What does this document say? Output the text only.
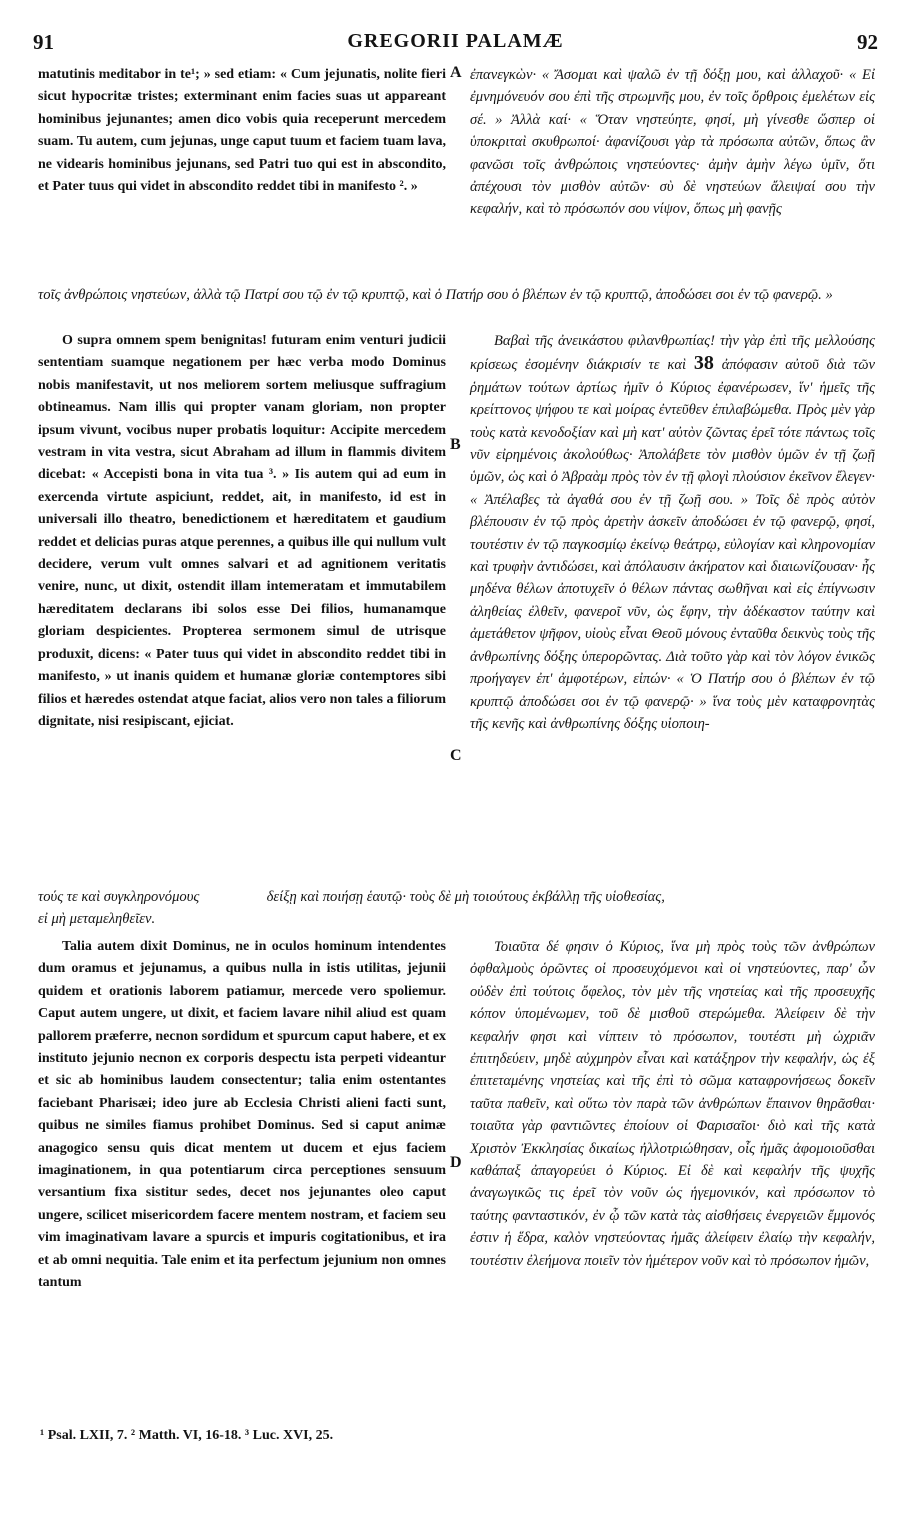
91	GREGORII PALAMÆ	92
matutinis meditabor in te¹; » sed etiam: « Cum jejunatis, nolite fieri sicut hypocritæ tristes; exterminant enim facies suas ut appareant hominibus jejunantes; amen dico vobis quia receperunt mercedem suam. Tu autem, cum jejunas, unge caput tuum et faciem tuam lava, ne videaris hominibus jejunans, sed Patri tuo qui est in abscondito, et Pater tuus qui videt in abscondito reddet tibi in manifesto ². »
ἐπανεγκὼν· « Ἄσομαι καὶ ψαλῶ ἐν τῇ δόξῃ μου, καὶ ἀλλαχοῦ· « Εἰ ἐμνημόνευόν σου ἐπὶ τῆς στρωμνῆς μου, ἐν τοῖς ὄρθροις ἐμελέτων εἰς σέ. » Ἀλλὰ καί· « Ὅταν νηστεύητε, φησί, μὴ γίνεσθε ὥσπερ οἱ ὑποκριταὶ σκυθρωποί· ἀφανίζουσι γὰρ τὰ πρόσωπα αὐτῶν, ὅπως ἂν φανῶσι τοῖς ἀνθρώποις νηστεύοντες· ἀμὴν ἀμὴν λέγω ὑμῖν, ὅτι ἀπέχουσι τὸν μισθὸν αὐτῶν· σὺ δὲ νηστεύων ἄλειψαί σου τὴν κεφαλήν, καὶ τὸ πρόσωπόν σου νίψον, ὅπως μὴ φανῇς
τοῖς ἀνθρώποις νηστεύων, ἀλλὰ τῷ Πατρί σου τῷ ἐν τῷ κρυπτῷ, καὶ ὁ Πατήρ σου ὁ βλέπων ἐν τῷ κρυπτῷ, ἀποδώσει σοι ἐν τῷ φανερῷ. »
O supra omnem spem benignitas! futuram enim venturi judicii sententiam suamque negationem per hæc verba modo Dominus nobis manifestavit, ut nos meliorem sortem meliusque suffragium obtineamus. Nam illis qui propter vanam gloriam, non propter ipsum vivunt, vocibus nuper probatis loquitur: Accipite mercedem vestram in vita vestra, sicut Abraham ad illum in flammis divitem dicebat: « Accepisti bona in vita tua ³. » Iis autem qui ad eum in exercenda virtute aspiciunt, reddet, ait, in manifesto, id est in universali illo theatro, benedictionem et hæreditatem et gaudium reddet et delicias puras atque perennes, a quibus ille qui nullum vult decidere, verum vult omnes salvari et ad agnitionem veritatis venire, nunc, ut dixit, ostendit illam intemeratam et immutabilem hæreditatem declarans ibi solos esse Dei filios, humanamque gloriam despicientes. Propterea sermonem simul de utrisque produxit, dicens: « Pater tuus qui videt in abscondito reddet tibi in manifesto, » ut inanis quidem et humanæ gloriæ contemptores sibi filios et hæredes ostendat atque faciat, alios vero non tales a filiorum dignitate, nisi resipiscant, ejiciat.
Βαβαὶ τῆς ἀνεικάστου φιλανθρωπίας! τὴν γὰρ ἐπὶ τῆς μελλούσης κρίσεως ἐσομένην διάκρισίν τε καὶ 38 ἀπόφασιν αὐτοῦ διὰ τῶν ῥημάτων τούτων ἀρτίως ἡμῖν ὁ Κύριος ἐφανέρωσεν, ἵν' ἡμεῖς τῆς κρείττονος ψήφου τε καὶ μοίρας ἐντεῦθεν ἐπιλαβώμεθα. Πρὸς μὲν γὰρ τοὺς κατὰ κενοδοξίαν καὶ μὴ κατ' αὐτὸν ζῶντας ἐρεῖ τότε πάντως τοῖς νῦν εἰρημένοις ἀκολούθως· Ἀπολάβετε τὸν μισθὸν ὑμῶν ἐν τῇ ζωῇ ὑμῶν, ὡς καὶ ὁ Ἀβραὰμ πρὸς τὸν ἐν τῇ φλογὶ πλούσιον ἐκεῖνον ἔλεγεν· « Ἀπέλαβες τὰ ἀγαθά σου ἐν τῇ ζωῇ σου. » Τοῖς δὲ πρὸς αὐτὸν βλέπουσιν ἐν τῷ πρὸς ἀρετὴν ἀσκεῖν ἀποδώσει ἐν τῷ φανερῷ, φησί, τουτέστιν ἐν τῷ παγκοσμίῳ ἐκείνῳ θεάτρῳ, εὐλογίαν καὶ κληρονομίαν καὶ τρυφὴν ἀντιδώσει, καὶ ἀπόλαυσιν ἀκήρατον καὶ διαιωνίζουσαν· ἧς μηδένα θέλων ἀποτυχεῖν ὁ θέλων πάντας σωθῆναι καὶ εἰς ἐπίγνωσιν ἀληθείας ἐλθεῖν, φανεροῖ νῦν, ὡς ἔφην, τὴν ἀδέκαστον ταύτην καὶ ἀμετάθετον ψῆφον, υἱοὺς εἶναι Θεοῦ μόνους ἐνταῦθα δεικνὺς τοὺς τῆς ἀνθρωπίνης δόξης ὑπερορῶντας. Διὰ τοῦτο γὰρ καὶ τὸν λόγον ἑνικῶς προήγαγεν ἐπ' ἀμφοτέρων, εἰπών· « Ὁ Πατήρ σου ὁ βλέπων ἐν τῷ κρυπτῷ ἀποδώσει σοι ἐν τῷ φανερῷ· » ἵνα τοὺς μὲν καταφρονητὰς τῆς κενῆς καὶ ἀνθρωπίνης δόξης υἱοποιη-
τούς τε καὶ συγκληρονόμους	δείξῃ καὶ ποιήσῃ ἑαυτῷ· τοὺς δὲ μὴ τοιούτους ἐκβάλλῃ τῆς υἱοθεσίας,
εἰ μὴ μεταμεληθεῖεν.
Talia autem dixit Dominus, ne in oculos hominum intendentes dum oramus et jejunamus, a quibus nulla in istis utilitas, jejunii quidem et orationis laborem patiamur, mercede vero spoliemur. Caput autem ungere, ut dixit, et faciem lavare nihil aliud est quam pallorem præferre, necnon sordidum et spurcum caput habere, et ex instituto jejunio necnon ex corporis despectu ista perpeti videantur et sic ab hominibus laudem consectentur; talia enim ostentantes faciebant Pharisæi; ideo jure ab Ecclesia Christi alieni facti sunt, quibus ne similes fiamus prohibet Dominus. Sed si caput animæ anagogico sensu quis dicat mentem ut ducem et ejus faciem imaginationem, in qua potentiarum circa perceptiones sensuum versantium fixa sistitur sedes, decet nos jejunantes oleo caput ungere, scilicet misericordem facere mentem nostram, et faciem seu vim imaginativam lavare a spurcis et impuris cogitationibus, et ira et ab omni nequitia. Tale enim et ita perfectum jejunium non omnes tantum
Τοιαῦτα δέ φησιν ὁ Κύριος, ἵνα μὴ πρὸς τοὺς τῶν ἀνθρώπων ὀφθαλμοὺς ὁρῶντες οἱ προσευχόμενοι καὶ οἱ νηστεύοντες, παρ' ὧν οὐδὲν ἐπὶ τούτοις ὄφελος, τὸν μὲν τῆς νηστείας καὶ τῆς προσευχῆς κόπον ὑπομένωμεν, τοῦ δὲ μισθοῦ στερώμεθα. Ἀλείφειν δὲ τὴν κεφαλήν φησι καὶ νίπτειν τὸ πρόσωπον, τουτέστι μὴ ὠχριᾶν ἐπιτηδεύειν, μηδὲ αὐχμηρὸν εἶναι καὶ κατάξηρον τὴν κεφαλήν, ὡς ἐξ ἐπιτεταμένης νηστείας καὶ τῆς ἐπὶ τὸ σῶμα καταφρονήσεως δοκεῖν ταῦτα παθεῖν, καὶ οὕτω τὸν παρὰ τῶν ἀνθρώπων ἔπαινον θηρᾶσθαι· τοιαῦτα γὰρ φαντιῶντες ἐποίουν οἱ Φαρισαῖοι· διὸ καὶ τῆς κατὰ Χριστὸν Ἐκκλησίας δικαίως ἠλλοτριώθησαν, οἷς ἡμᾶς ἀφομοιοῦσθαι καθάπαξ ἀπαγορεύει ὁ Κύριος. Εἰ δὲ καὶ κεφαλήν τῆς ψυχῆς ἀναγωγικῶς τις ἐρεῖ τὸν νοῦν ὡς ἡγεμονικόν, καὶ πρόσωπον τὸ ταύτης φανταστικόν, ἐν ᾧ τῶν κατὰ τὰς αἰσθήσεις ἐνεργειῶν ἔμμονός ἐστιν ἡ ἕδρα, καλὸν νηστεύοντας ἡμᾶς ἀλείφειν ἐλαίῳ τὴν κεφαλήν, τουτέστιν ἐλεήμονα ποιεῖν τὸν ἡμέτερον νοῦν καὶ τὸ πρόσωπον ἡμῶν,
A
B
C
D
¹ Psal. LXII, 7. ² Matth. VI, 16-18. ³ Luc. XVI, 25.
